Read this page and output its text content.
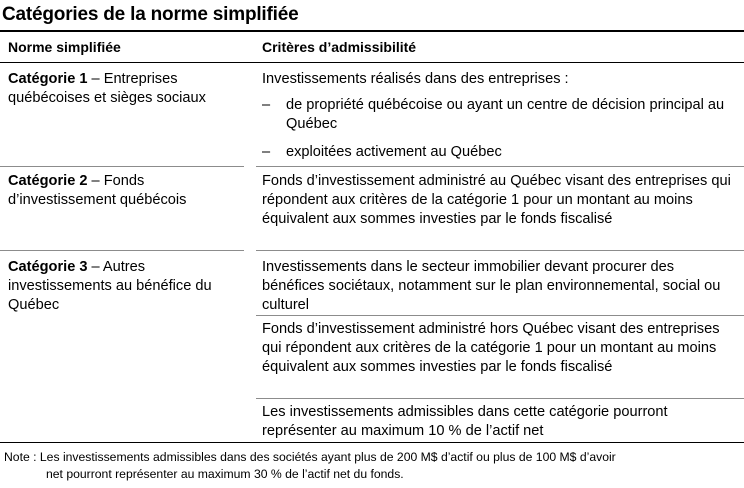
Catégories de la norme simplifiée
Norme simplifiée	Critères d’admissibilité
Catégorie 1 – Entreprises québécoises et sièges sociaux
Investissements réalisés dans des entreprises :
– de propriété québécoise ou ayant un centre de décision principal au Québec
– exploitées activement au Québec
Catégorie 2 – Fonds d’investissement québécois
Fonds d’investissement administré au Québec visant des entreprises qui répondent aux critères de la catégorie 1 pour un montant au moins équivalent aux sommes investies par le fonds fiscalisé
Catégorie 3 – Autres investissements au bénéfice du Québec
Investissements dans le secteur immobilier devant procurer des bénéfices sociétaux, notamment sur le plan environnemental, social ou culturel
Fonds d’investissement administré hors Québec visant des entreprises qui répondent aux critères de la catégorie 1 pour un montant au moins équivalent aux sommes investies par le fonds fiscalisé
Les investissements admissibles dans cette catégorie pourront représenter au maximum 10 % de l’actif net
Note : Les investissements admissibles dans des sociétés ayant plus de 200 M$ d’actif ou plus de 100 M$ d’avoir
net pourront représenter au maximum 30 % de l’actif net du fonds.
